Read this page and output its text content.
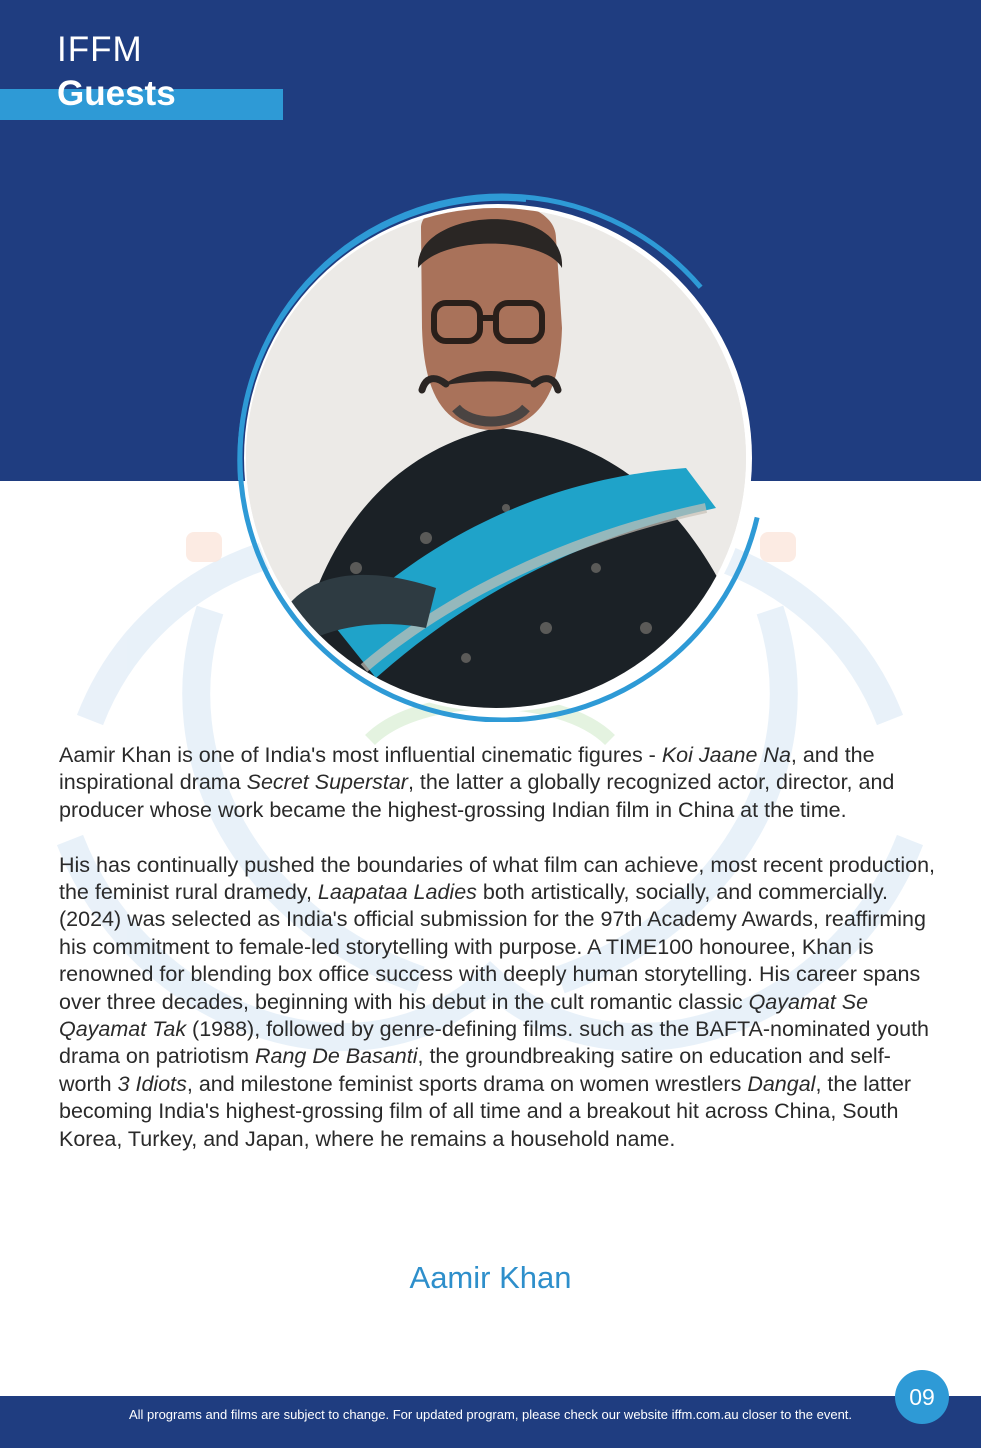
IFFM
Guests

Aamir Khan is one of India's most influential cinematic figures - Koi Jaane Na, and the inspirational drama Secret Superstar, the latter a globally recognized actor, director, and producer whose work became the highest-grossing Indian film in China at the time.

His has continually pushed the boundaries of what film can achieve, most recent production, the feminist rural dramedy, Laapataa Ladies both artistically, socially, and commercially. (2024) was selected as India's official submission for the 97th Academy Awards, reaffirming his commitment to female-led storytelling with purpose. A TIME100 honouree, Khan is renowned for blending box office success with deeply human storytelling. His career spans over three decades, beginning with his debut in the cult romantic classic Qayamat Se Qayamat Tak (1988), followed by genre-defining films. such as the BAFTA-nominated youth drama on patriotism Rang De Basanti, the groundbreaking satire on education and self-worth 3 Idiots, and milestone feminist sports drama on women wrestlers Dangal, the latter becoming India's highest-grossing film of all time and a breakout hit across China, South Korea, Turkey, and Japan, where he remains a household name.

Aamir Khan
All programs and films are subject to change. For updated program, please check our website iffm.com.au closer to the event.
09
